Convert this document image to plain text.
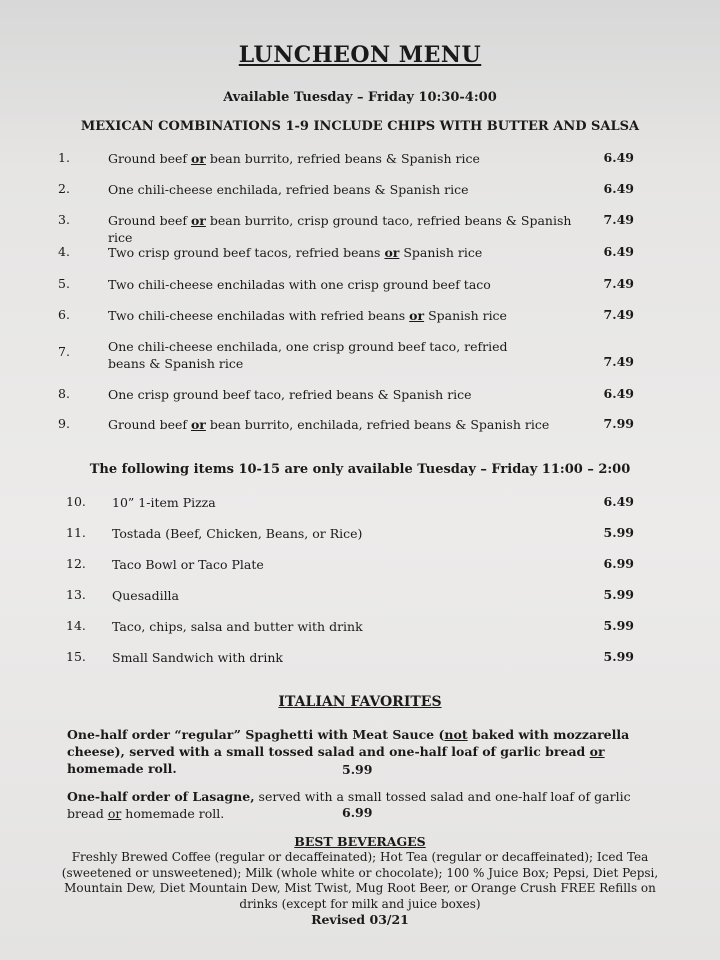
LUNCHEON MENU
Available Tuesday – Friday 10:30-4:00
MEXICAN COMBINATIONS 1-9 INCLUDE CHIPS WITH BUTTER AND SALSA
1.	Ground beef or bean burrito, refried beans & Spanish rice	6.49
2.	One chili-cheese enchilada, refried beans & Spanish rice	6.49
3.	Ground beef or bean burrito, crisp ground taco, refried beans & Spanish rice
7.49
4.	Two crisp ground beef tacos, refried beans or Spanish rice	6.49
5.	Two chili-cheese enchiladas with one crisp ground beef taco	7.49
6.	Two chili-cheese enchiladas with refried beans or Spanish rice	7.49
7.	One chili-cheese enchilada, one crisp ground beef taco, refried beans & Spanish rice	7.49
8.	One crisp ground beef taco, refried beans & Spanish rice	6.49
9.	Ground beef or bean burrito, enchilada, refried beans & Spanish rice	7.99
The following items 10-15 are only available Tuesday – Friday 11:00 – 2:00
10. 10” 1-item Pizza	6.49
11. Tostada (Beef, Chicken, Beans, or Rice)	5.99
12. Taco Bowl or Taco Plate	6.99
13. Quesadilla	5.99
14. Taco, chips, salsa and butter with drink	5.99
15. Small Sandwich with drink	5.99
ITALIAN FAVORITES
One-half order “regular” Spaghetti with Meat Sauce (not baked with mozzarella cheese), served with a small tossed salad and one-half loaf of garlic bread or homemade roll.	5.99
One-half order of Lasagne, served with a small tossed salad and one-half loaf of garlic bread or homemade roll.	6.99
BEST BEVERAGES
Freshly Brewed Coffee (regular or decaffeinated); Hot Tea (regular or decaffeinated); Iced Tea (sweetened or unsweetened); Milk (whole white or chocolate); 100 % Juice Box; Pepsi, Diet Pepsi, Mountain Dew, Diet Mountain Dew, Mist Twist, Mug Root Beer, or Orange Crush FREE Refills on drinks (except for milk and juice boxes)
Revised 03/21
